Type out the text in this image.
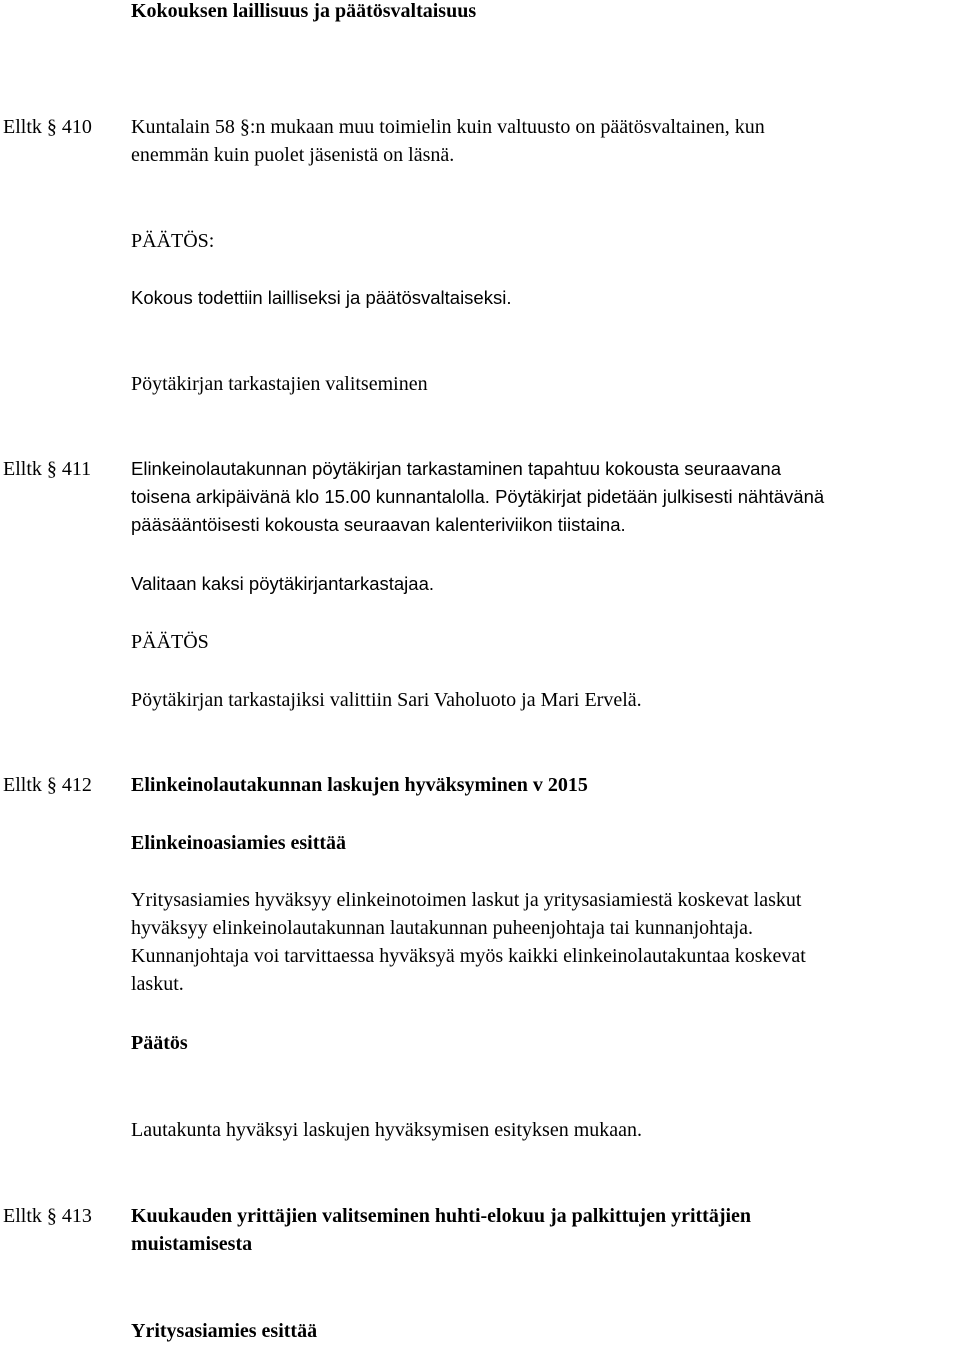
Kokouksen laillisuus ja päätösvaltaisuus

Elltk § 410 Kuntalain 58 §:n mukaan muu toimielin kuin valtuusto on päätösvaltainen, kun
enemmän kuin puolet jäsenistä on läsnä.

PÄÄTÖS:

Kokous todettiin lailliseksi ja päätösvaltaiseksi.

Pöytäkirjan tarkastajien valitseminen

Elltk § 411 Elinkeinolautakunnan pöytäkirjan tarkastaminen tapahtuu kokousta seuraavana
toisena arkipäivänä klo 15.00 kunnantalolla. Pöytäkirjat pidetään julkisesti nähtävänä
pääsääntöisesti kokousta seuraavan kalenteriviikon tiistaina.

Valitaan kaksi pöytäkirjantarkastajaa.

PÄÄTÖS

Pöytäkirjan tarkastajiksi valittiin Sari Vaholuoto ja Mari Ervelä.

Elltk § 412 Elinkeinolautakunnan laskujen hyväksyminen v 2015

Elinkeinoasiamies esittää

Yritysasiamies hyväksyy elinkeinotoimen laskut ja yritysasiamiestä koskevat laskut
hyväksyy elinkeinolautakunnan lautakunnan puheenjohtaja tai kunnanjohtaja.
Kunnanjohtaja voi tarvittaessa hyväksyä myös kaikki elinkeinolautakuntaa koskevat
laskut.

Päätös

Lautakunta hyväksyi laskujen hyväksymisen esityksen mukaan.

Elltk § 413 Kuukauden yrittäjien valitseminen huhti-elokuu ja palkittujen yrittäjien
muistamisesta

Yritysasiamies esittää
